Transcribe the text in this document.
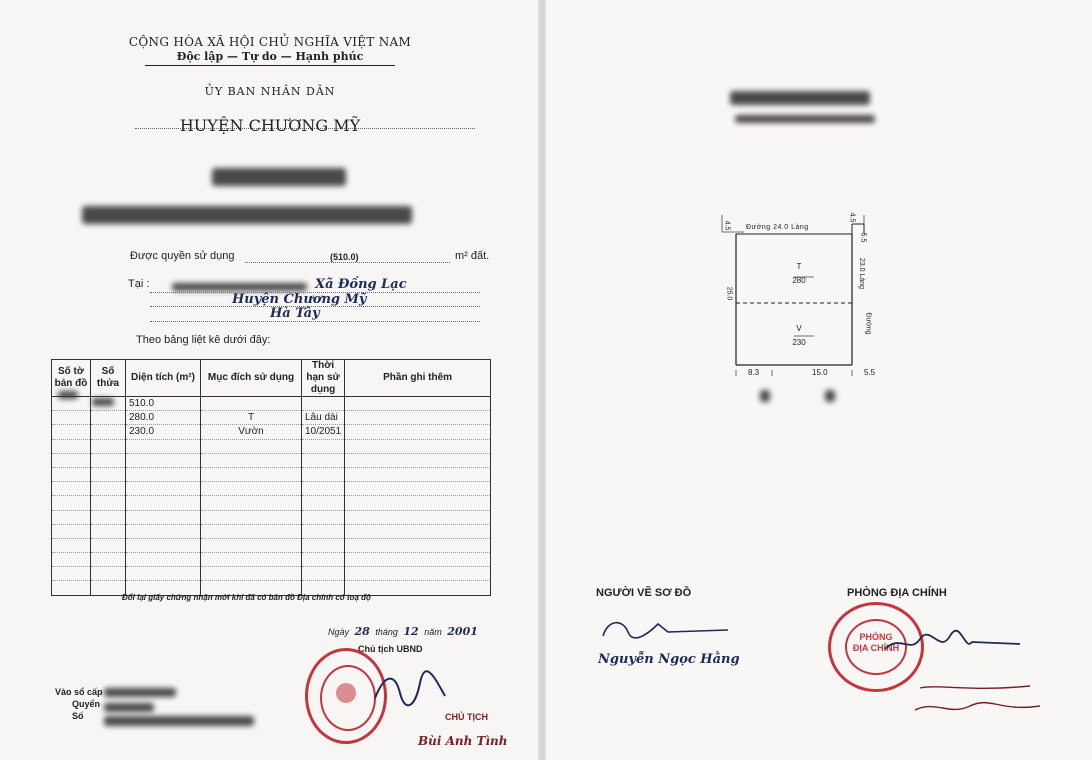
CỘNG HÒA XÃ HỘI CHỦ NGHĨA VIỆT NAM
Độc lập — Tự do — Hạnh phúc
ỦY BAN NHÂN DÂN
HUYỆN CHƯƠNG MỸ
Được quyền sử dụng	(510.0)	m² đất.
Tại :	Xã Đồng Lạc
Huyện Chương Mỹ
Hà Tây
Theo bảng liệt kê dưới đây:
Số tờ bản đồ	Số thửa	Diện tích (m²)	Mục đích sử dụng	Thời hạn sử dụng	Phần ghi thêm
		510.0			
		280.0	T	Lâu dài	
		230.0	Vườn	10/2051	

Đổi lại giấy chứng nhận mới khi đã có bản đồ Địa chính có toạ độ
Ngày 28 tháng 12 năm 2001
Chủ tịch UBND
CHỦ TỊCH
Bùi Anh Tình
Vào sổ cấp
Quyển
Số
Đường 24.0 Làng
4.5
4.5
5.5
23.0 Làng
Đường
25.0
T
280
V
230
8.3	15.0	5.5
NGƯỜI VẼ SƠ ĐỒ
Nguyễn Ngọc Hằng
PHÒNG ĐỊA CHÍNH
PHÒNG ĐỊA CHÍNH
